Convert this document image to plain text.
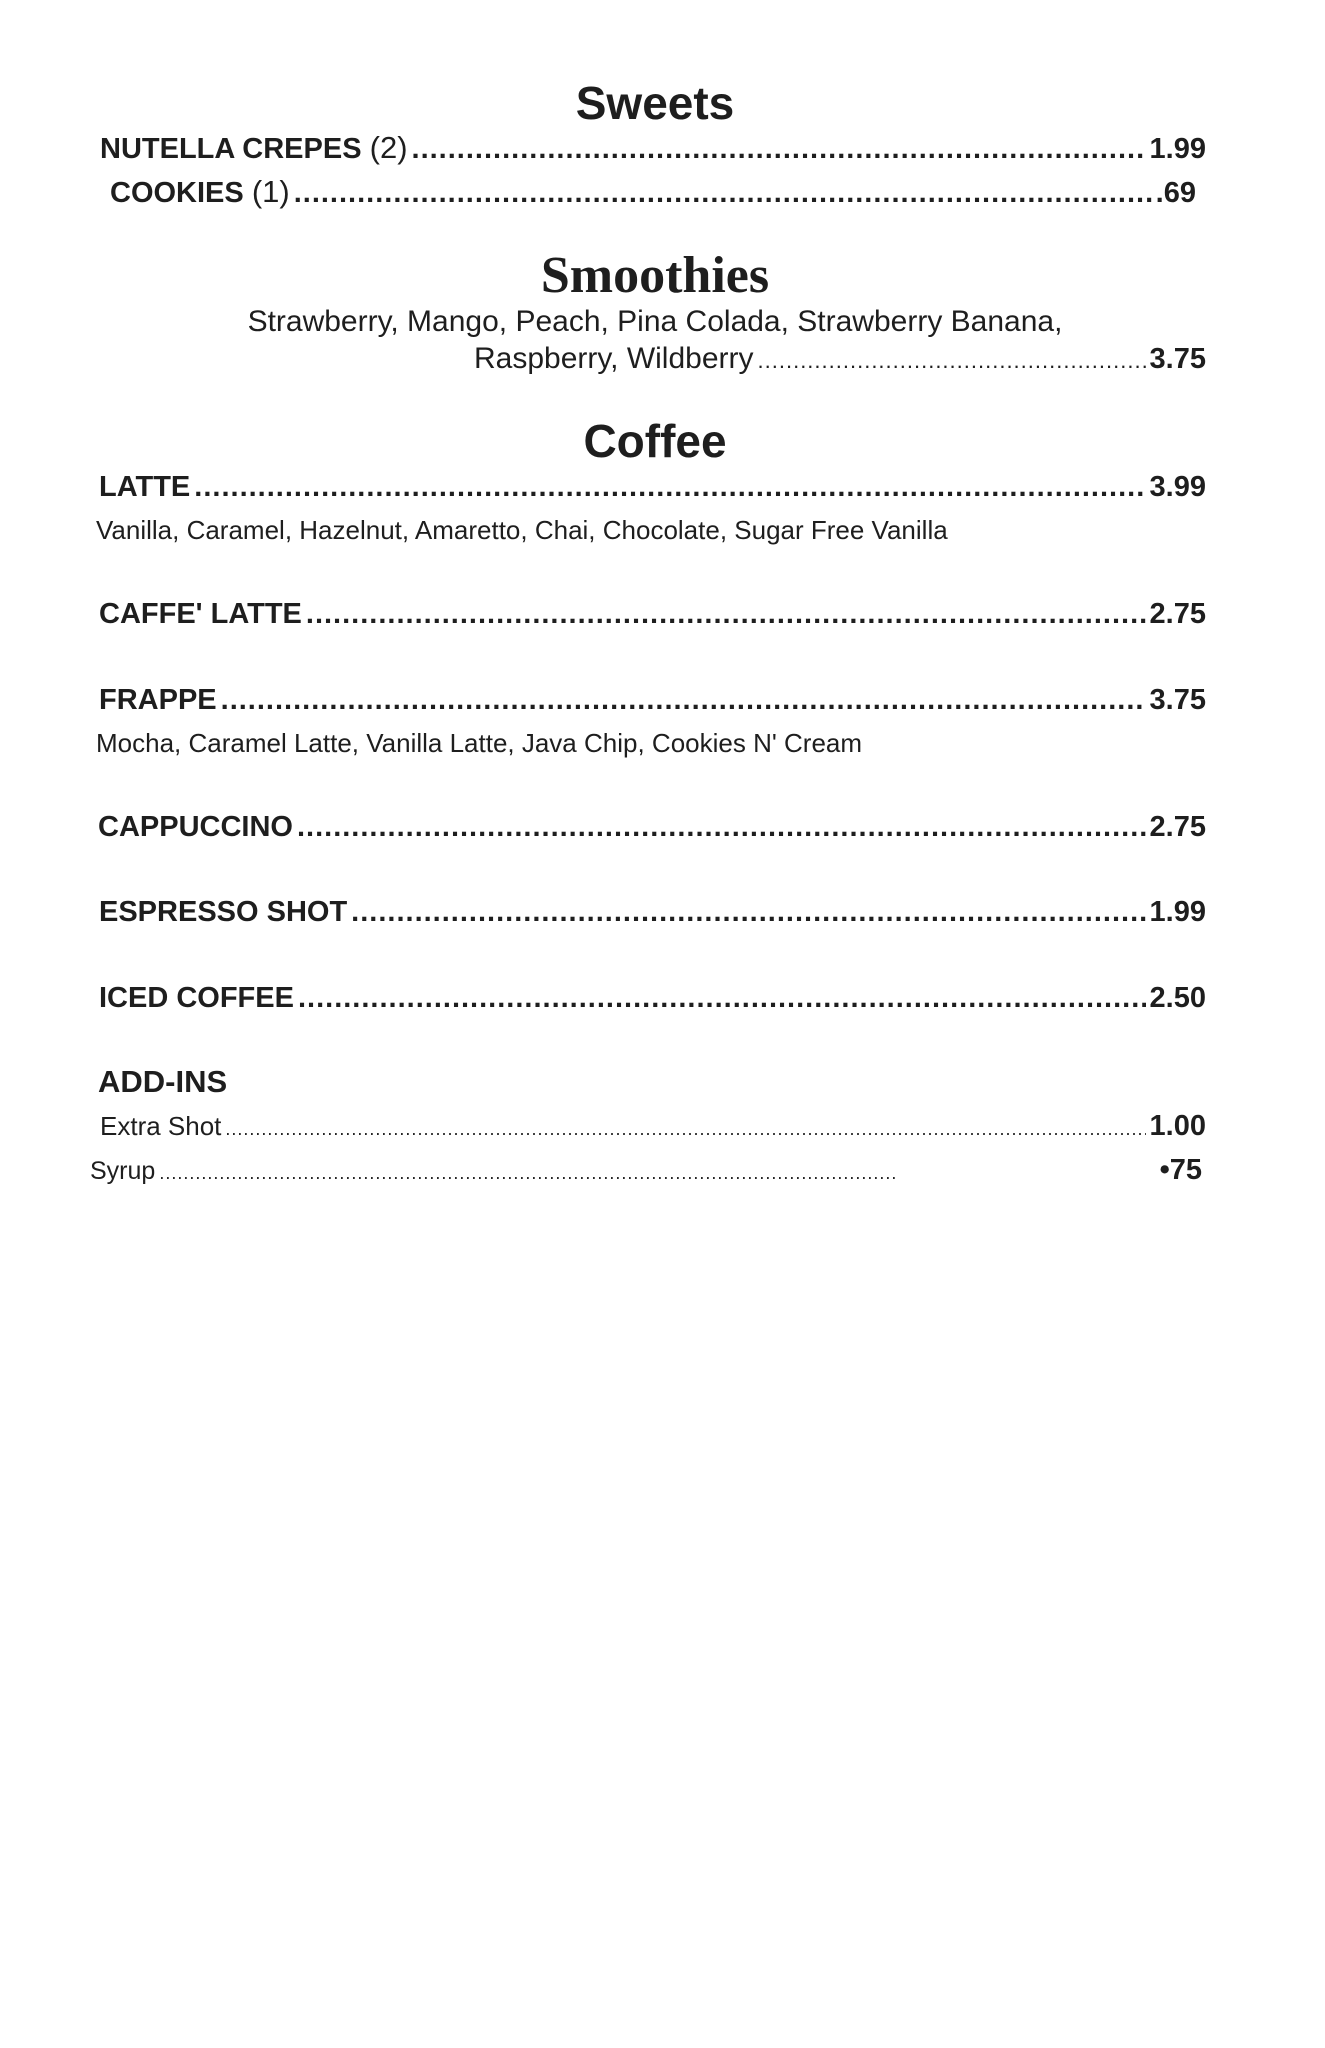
Sweets
NUTELLA CREPES (2) .....	1.99
COOKIES (1) .....	.69
Smoothies
Strawberry, Mango, Peach, Pina Colada, Strawberry Banana,
Raspberry, Wildberry .....	3.75
Coffee
LATTE .....	3.99
Vanilla, Caramel, Hazelnut, Amaretto, Chai, Chocolate, Sugar Free Vanilla
CAFFE' LATTE .....	2.75
FRAPPE .....	3.75
Mocha, Caramel Latte, Vanilla Latte, Java Chip, Cookies N' Cream
CAPPUCCINO .....	2.75
ESPRESSO SHOT .....	1.99
ICED COFFEE .....	2.50
ADD-INS
Extra Shot .....	1.00
Syrup .....	•75
